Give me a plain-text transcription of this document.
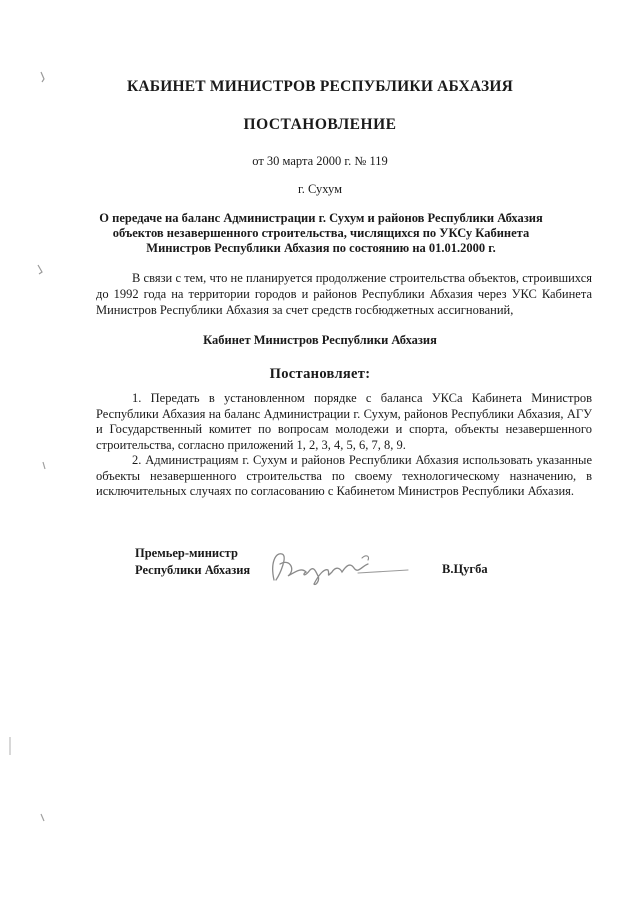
КАБИНЕТ МИНИСТРОВ РЕСПУБЛИКИ АБХАЗИЯ
ПОСТАНОВЛЕНИЕ
от 30 марта 2000 г. № 119
г. Сухум
О передаче на баланс Администрации г. Сухум и районов Республики Абхазия объектов незавершенного строительства, числящихся по УКСу Кабинета Министров Республики Абхазия по состоянию на 01.01.2000 г.

В связи с тем, что не планируется продолжение строительства объектов, строившихся до 1992 года на территории городов и районов Республики Абхазия через УКС Кабинета Министров Республики Абхазия за счет средств госбюджетных ассигнований,

Кабинет Министров Республики Абхазия
Постановляет:

1. Передать в установленном порядке с баланса УКСа Кабинета Министров Республики Абхазия на баланс Администрации г. Сухум, районов Республики Абхазия, АГУ и Государственный комитет по вопросам молодежи и спорта, объекты незавершенного строительства, согласно приложений 1, 2, 3, 4, 5, 6, 7, 8, 9.

2. Администрациям г. Сухум и районов Республики Абхазия использовать указанные объекты незавершенного строительства по своему технологическому назначению, в исключительных случаях по согласованию с Кабинетом Министров Республики Абхазия.

Премьер-министр
Республики Абхазия	В.Цугба
